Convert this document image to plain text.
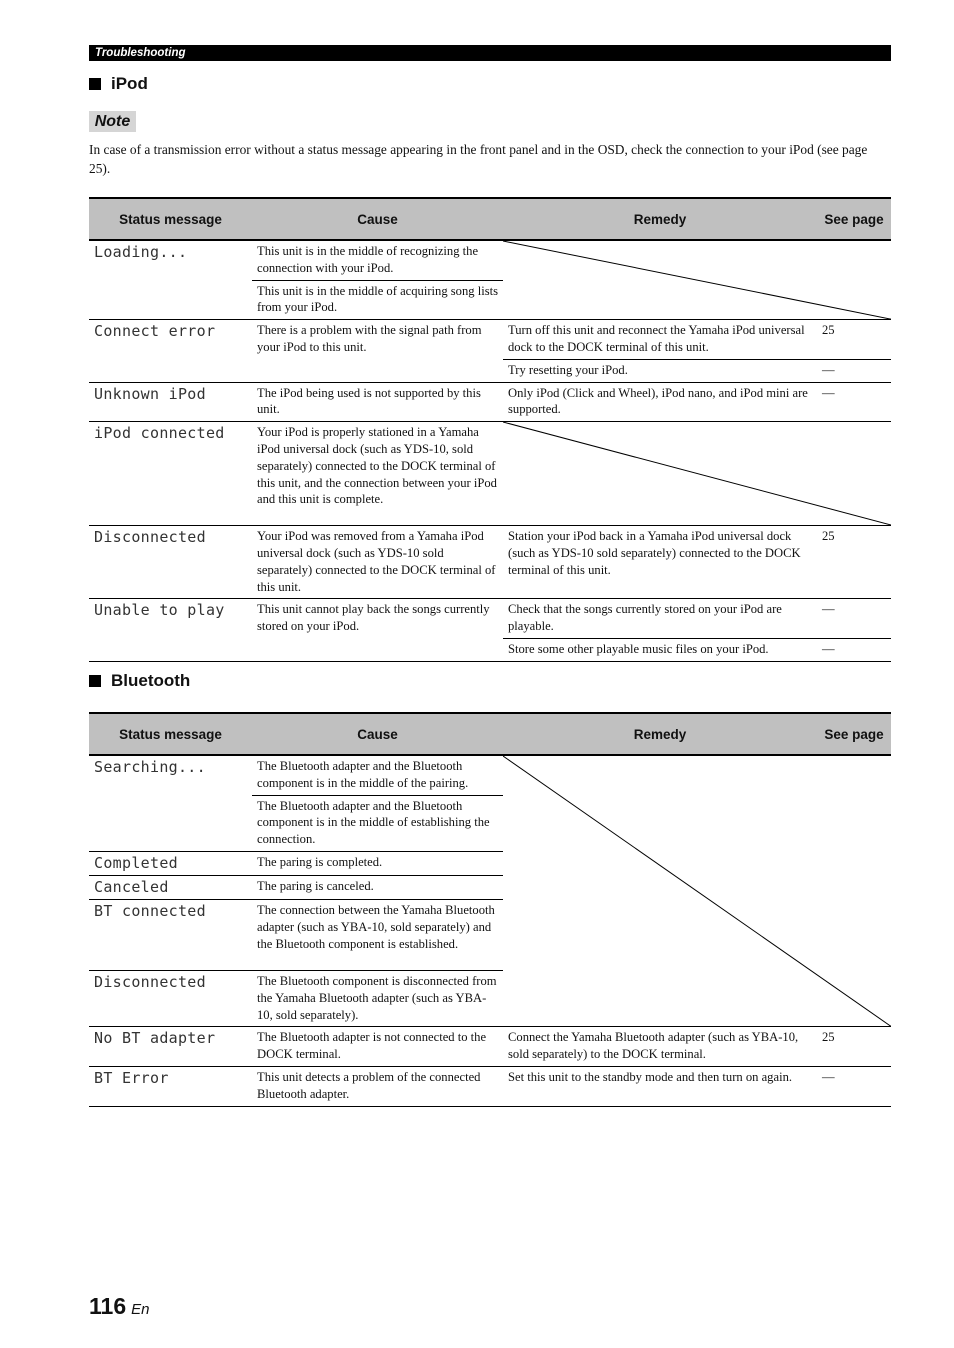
Troubleshooting
iPod
Note
In case of a transmission error without a status message appearing in the front panel and in the OSD, check the connection to your iPod (see page 25).
Status message	Cause	Remedy	See page
Loading...	This unit is in the middle of recognizing the connection with your iPod.	

	This unit is in the middle of acquiring song lists from your iPod.		
Connect error	There is a problem with the signal path from your iPod to this unit.	Turn off this unit and reconnect the Yamaha iPod universal dock to the DOCK terminal of this unit.	25
		Try resetting your iPod.	—
Unknown iPod	The iPod being used is not supported by this unit.	Only iPod (Click and Wheel), iPod nano, and iPod mini are supported.	—
iPod connected	Your iPod is properly stationed in a Yamaha iPod universal dock (such as YDS-10, sold separately) connected to the DOCK terminal of this unit, and the connection between your iPod and this unit is complete.	

Disconnected	Your iPod was removed from a Yamaha iPod universal dock (such as YDS-10 sold separately) connected to the DOCK terminal of this unit.	Station your iPod back in a Yamaha iPod universal dock (such as YDS-10 sold separately) connected to the DOCK terminal of this unit.	25
Unable to play	This unit cannot play back the songs currently stored on your iPod.	Check that the songs currently stored on your iPod are playable.	—
		Store some other playable music files on your iPod.	—
Bluetooth
Status message	Cause	Remedy	See page
Searching...	The Bluetooth adapter and the Bluetooth component is in the middle of the pairing.	

	The Bluetooth adapter and the Bluetooth component is in the middle of establishing the connection.		
Completed	The paring is completed.		
Canceled	The paring is canceled.		
BT connected	The connection between the Yamaha Bluetooth adapter (such as YBA-10, sold separately) and the Bluetooth component is established.		
Disconnected	The Bluetooth component is disconnected from the Yamaha Bluetooth adapter (such as YBA-10, sold separately).		
No BT adapter	The Bluetooth adapter is not connected to the DOCK terminal.	Connect the Yamaha Bluetooth adapter (such as YBA-10, sold separately) to the DOCK terminal.	25
BT Error	This unit detects a problem of the connected Bluetooth adapter.	Set this unit to the standby mode and then turn on again.	—
116 En
